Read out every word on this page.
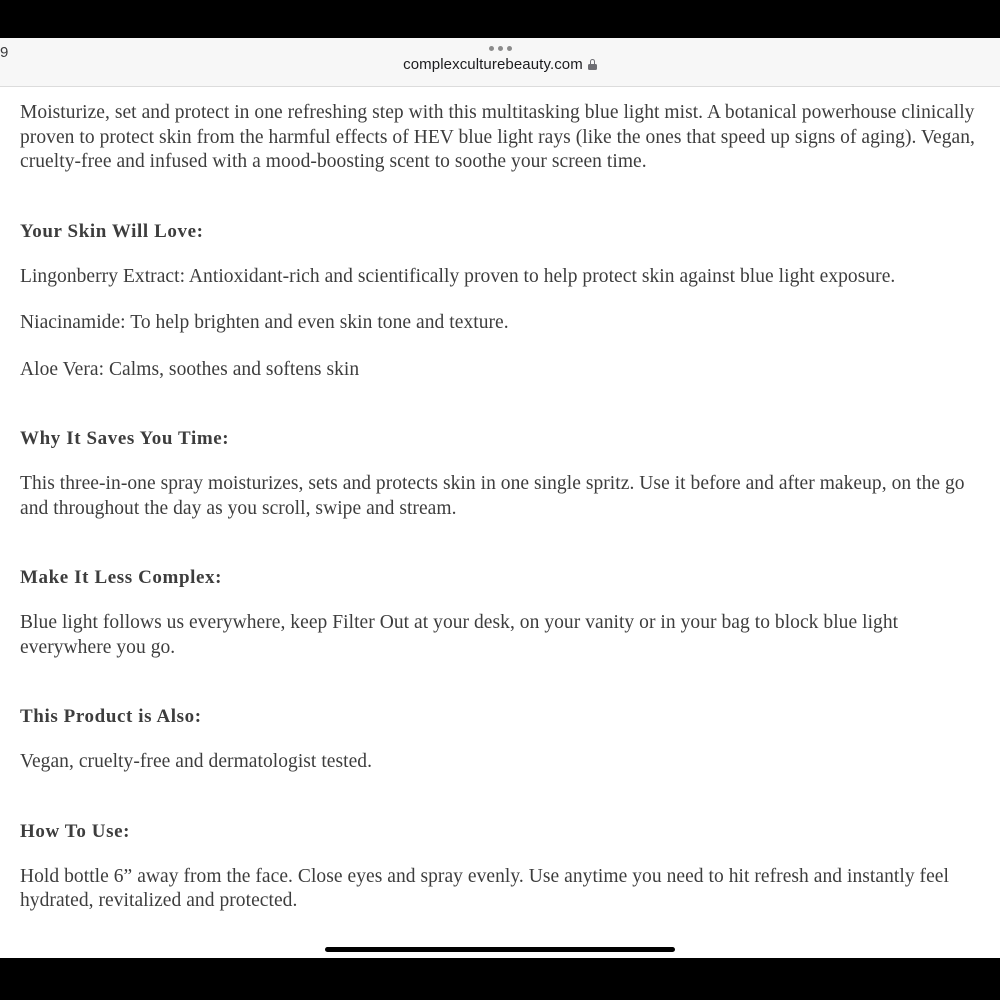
9
complexculturebeauty.com

Moisturize, set and protect in one refreshing step with this multitasking blue light mist. A botanical powerhouse clinically proven to protect skin from the harmful effects of HEV blue light rays (like the ones that speed up signs of aging). Vegan, cruelty-free and infused with a mood-boosting scent to soothe your screen time.

Your Skin Will Love:

Lingonberry Extract: Antioxidant-rich and scientifically proven to help protect skin against blue light exposure.

Niacinamide: To help brighten and even skin tone and texture.

Aloe Vera: Calms, soothes and softens skin

Why It Saves You Time:

This three-in-one spray moisturizes, sets and protects skin in one single spritz. Use it before and after makeup, on the go and throughout the day as you scroll, swipe and stream.

Make It Less Complex:

Blue light follows us everywhere, keep Filter Out at your desk, on your vanity or in your bag to block blue light everywhere you go.

This Product is Also:

Vegan, cruelty-free and dermatologist tested.

How To Use:

Hold bottle 6” away from the face. Close eyes and spray evenly. Use anytime you need to hit refresh and instantly feel hydrated, revitalized and protected.
